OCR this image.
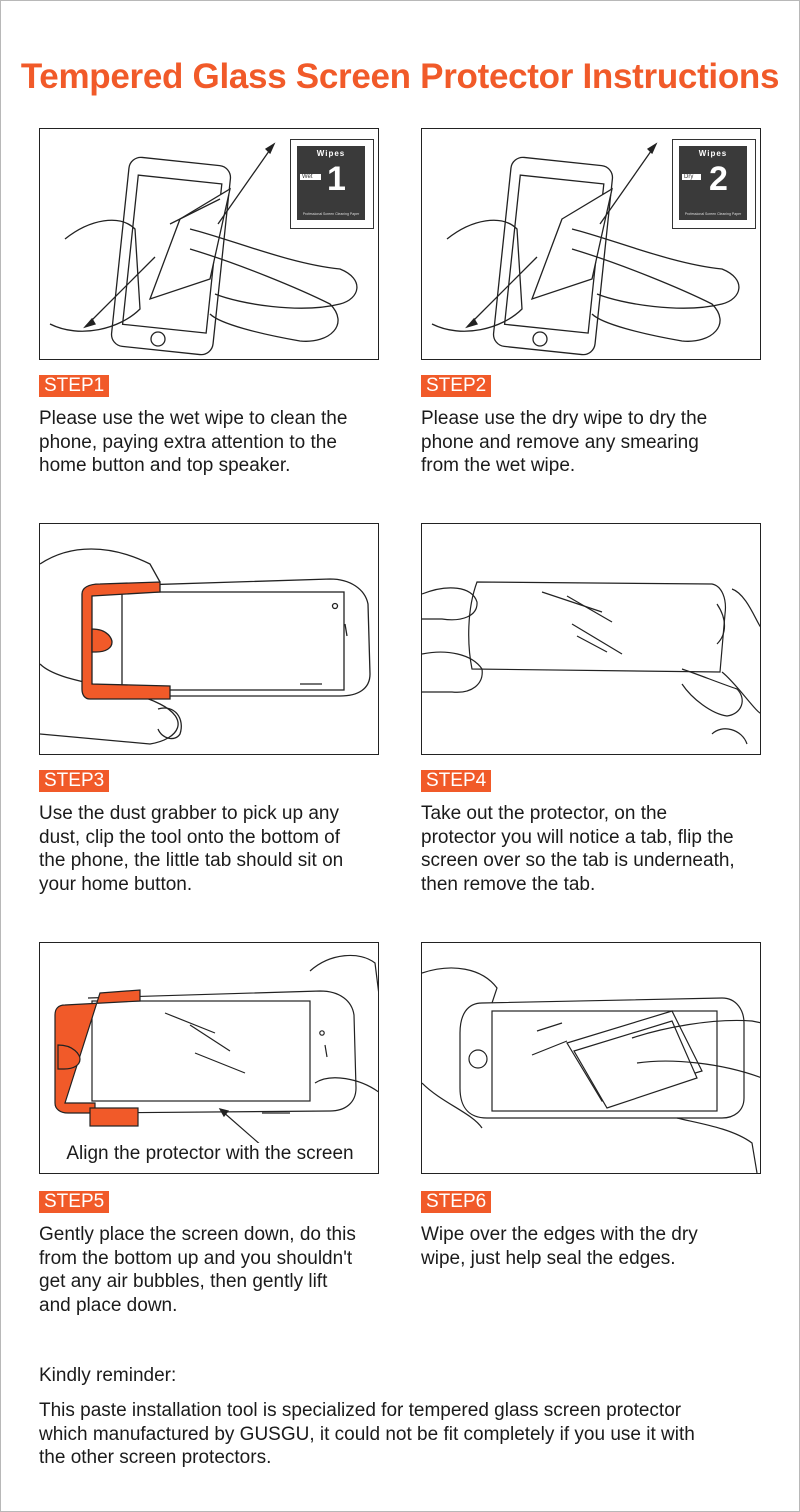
Tempered Glass Screen Protector Instructions
Wipes
Wet 1
Professional Screen Cleaning Paper
STEP1
Please use the wet wipe to clean the
phone, paying extra attention to the
home button and top speaker.
Wipes
Dry 2
Professional Screen Cleaning Paper
STEP2
Please use the dry wipe to dry the
phone and remove any smearing
from the wet wipe.
STEP3
Use the dust grabber to pick up any
dust, clip the tool onto the bottom of
the phone, the little tab should sit on
your home button.
STEP4
Take out the protector, on the
protector you will notice a tab, flip the
screen over so the tab is underneath,
then remove the tab.
Align the protector with the screen
STEP5
Gently place the screen down, do this
from the bottom up and you shouldn't
get any air bubbles, then gently lift
and place down.
STEP6
Wipe over the edges with the dry
wipe, just help seal the edges.
Kindly reminder:
This paste installation tool is specialized for tempered glass screen protector
which manufactured by GUSGU, it could not be fit completely if you use it with
the other screen protectors.
